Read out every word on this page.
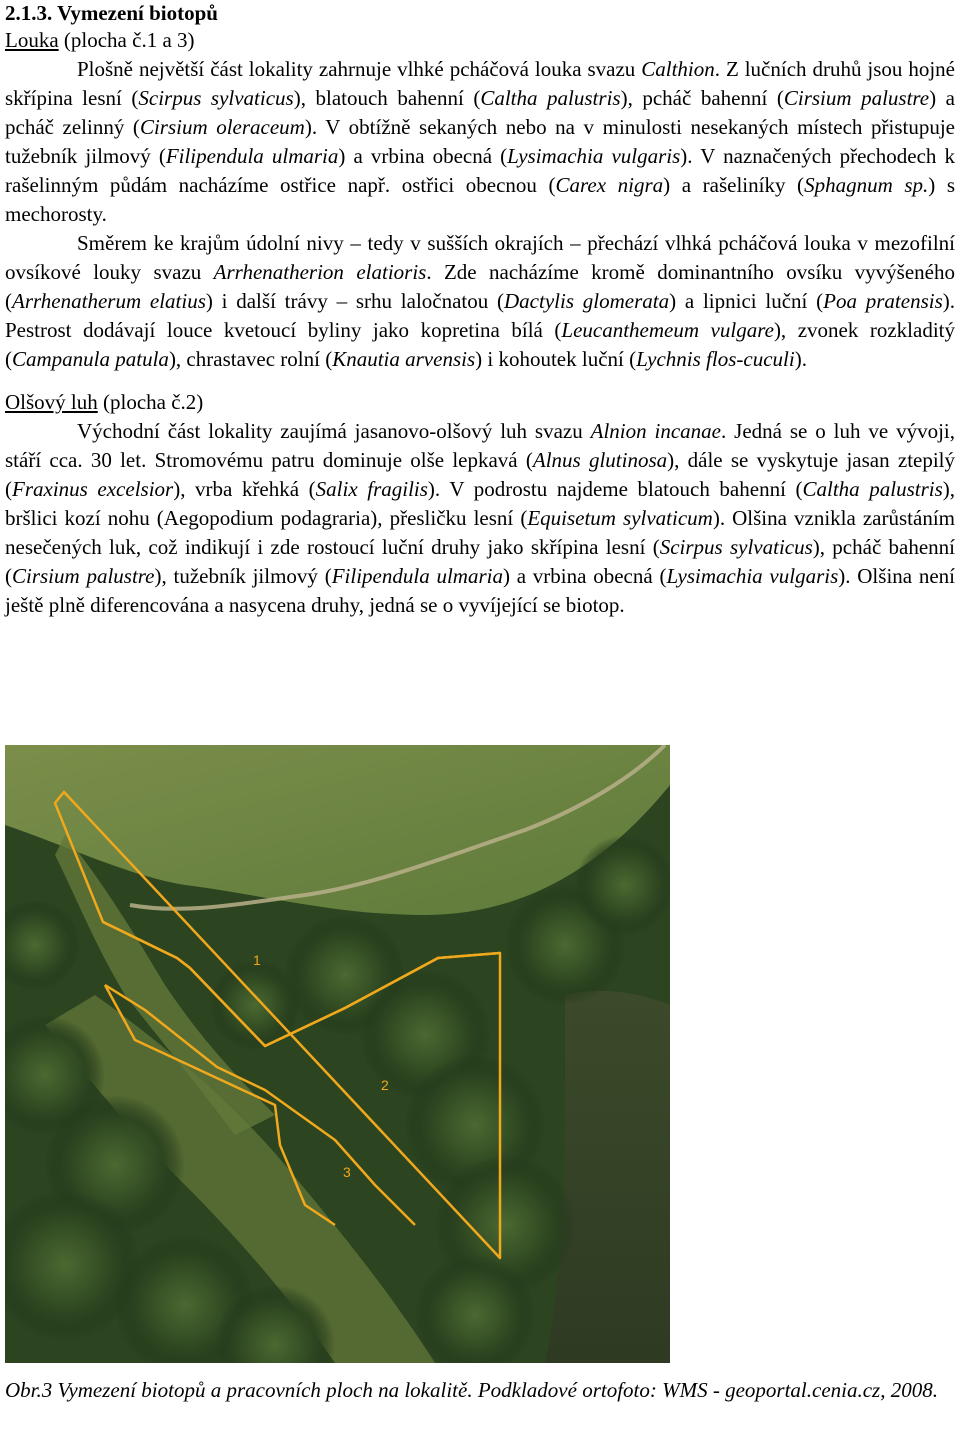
2.1.3. Vymezení biotopů
Louka (plocha č.1 a 3)

Plošně největší část lokality zahrnuje vlhké pcháčová louka svazu Calthion. Z lučních druhů jsou hojné skřípina lesní (Scirpus sylvaticus), blatouch bahenní (Caltha palustris), pcháč bahenní (Cirsium palustre) a pcháč zelinný (Cirsium oleraceum). V obtížně sekaných nebo na v minulosti nesekaných místech přistupuje tužebník jilmový (Filipendula ulmaria) a vrbina obecná (Lysimachia vulgaris). V naznačených přechodech k rašelinným půdám nacházíme ostřice např. ostřici obecnou (Carex nigra) a rašeliníky (Sphagnum sp.) s mechorosty.

Směrem ke krajům údolní nivy – tedy v sušších okrajích – přechází vlhká pcháčová louka v mezofilní ovsíkové louky svazu Arrhenatherion elatioris. Zde nacházíme kromě dominantního ovsíku vyvýšeného (Arrhenatherum elatius) i další trávy – srhu laločnatou (Dactylis glomerata) a lipnici luční (Poa pratensis). Pestrost dodávají louce kvetoucí byliny jako kopretina bílá (Leucanthemeum vulgare), zvonek rozkladitý (Campanula patula), chrastavec rolní (Knautia arvensis) i kohoutek luční (Lychnis flos-cuculi).

Olšový luh (plocha č.2)

Východní část lokality zaujímá jasanovo-olšový luh svazu Alnion incanae. Jedná se o luh ve vývoji, stáří cca. 30 let. Stromovému patru dominuje olše lepkavá (Alnus glutinosa), dále se vyskytuje jasan ztepilý (Fraxinus excelsior), vrba křehká (Salix fragilis). V podrostu najdeme blatouch bahenní (Caltha palustris), bršlici kozí nohu (Aegopodium podagraria), přesličku lesní (Equisetum sylvaticum). Olšina vznikla zarůstáním nesečených luk, což indikují i zde rostoucí luční druhy jako skřípina lesní (Scirpus sylvaticus), pcháč bahenní (Cirsium palustre), tužebník jilmový (Filipendula ulmaria) a vrbina obecná (Lysimachia vulgaris). Olšina není ještě plně diferencována a nasycena druhy, jedná se o vyvíjející se biotop.

1
2
3
Obr.3 Vymezení biotopů a pracovních ploch na lokalitě. Podkladové ortofoto: WMS - geoportal.cenia.cz, 2008.
